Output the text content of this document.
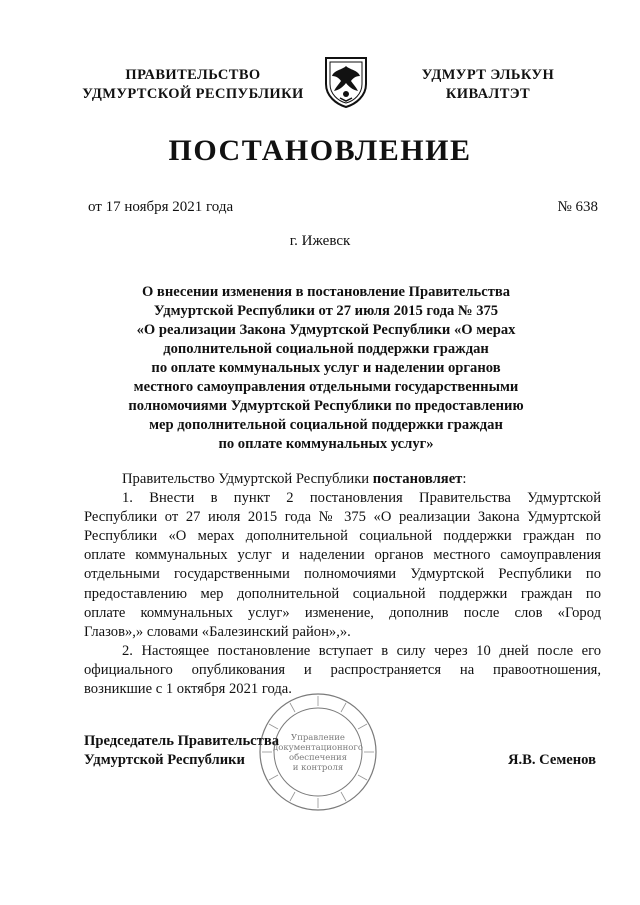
ПРАВИТЕЛЬСТВО
УДМУРТСКОЙ РЕСПУБЛИКИ
УДМУРТ ЭЛЬКУН
КИВАЛТЭТ
ПОСТАНОВЛЕНИЕ
от 17 ноября 2021 года	№ 638
г. Ижевск
О внесении изменения в постановление Правительства
Удмуртской Республики от 27 июля 2015 года № 375
«О реализации Закона Удмуртской Республики «О мерах
дополнительной социальной поддержки граждан
по оплате коммунальных услуг и наделении органов
местного самоуправления отдельными государственными
полномочиями Удмуртской Республики по предоставлению
мер дополнительной социальной поддержки граждан
по оплате коммунальных услуг»

Правительство Удмуртской Республики постановляет:

1. Внести в пункт 2 постановления Правительства Удмуртской
Республики от 27 июля 2015 года № 375 «О реализации Закона Удмуртской
Республики «О мерах дополнительной социальной поддержки граждан по
оплате коммунальных услуг и наделении органов местного самоуправления
отдельными государственными полномочиями Удмуртской Республики по
предоставлению мер дополнительной социальной поддержки граждан по
оплате коммунальных услуг» изменение, дополнив после слов «Город
Глазов»,» словами «Балезинский район»,».
2. Настоящее постановление вступает в силу через 10 дней после его
официального опубликования и распространяется на правоотношения,
возникшие с 1 октября 2021 года.
Председатель Правительства
Удмуртской Республики	Я.В. Семенов
Управление
документационного
обеспечения
и контроля
